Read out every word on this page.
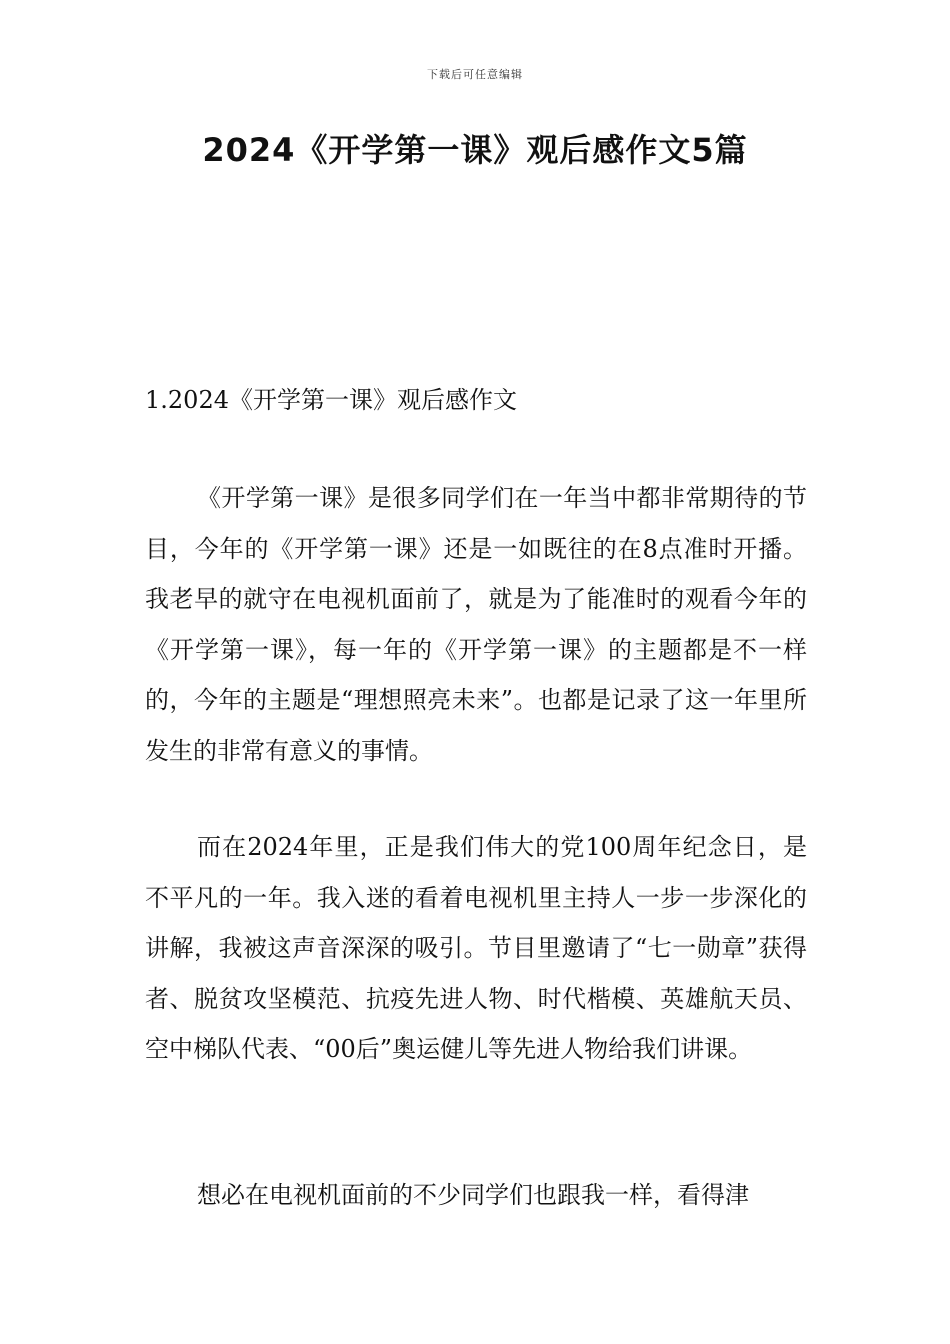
下载后可任意编辑
2024《开学第一课》观后感作文5篇
1.2024《开学第一课》观后感作文

《开学第一课》是很多同学们在一年当中都非常期待的节目，今年的《开学第一课》还是一如既往的在8点准时开播。我老早的就守在电视机面前了，就是为了能准时的观看今年的《开学第一课》，每一年的《开学第一课》的主题都是不一样的，今年的主题是“理想照亮未来”。也都是记录了这一年里所发生的非常有意义的事情。

而在2024年里，正是我们伟大的党100周年纪念日，是不平凡的一年。我入迷的看着电视机里主持人一步一步深化的讲解，我被这声音深深的吸引。节目里邀请了“七一勋章”获得者、脱贫攻坚模范、抗疫先进人物、时代楷模、英雄航天员、空中梯队代表、“00后”奥运健儿等先进人物给我们讲课。

想必在电视机面前的不少同学们也跟我一样，看得津
